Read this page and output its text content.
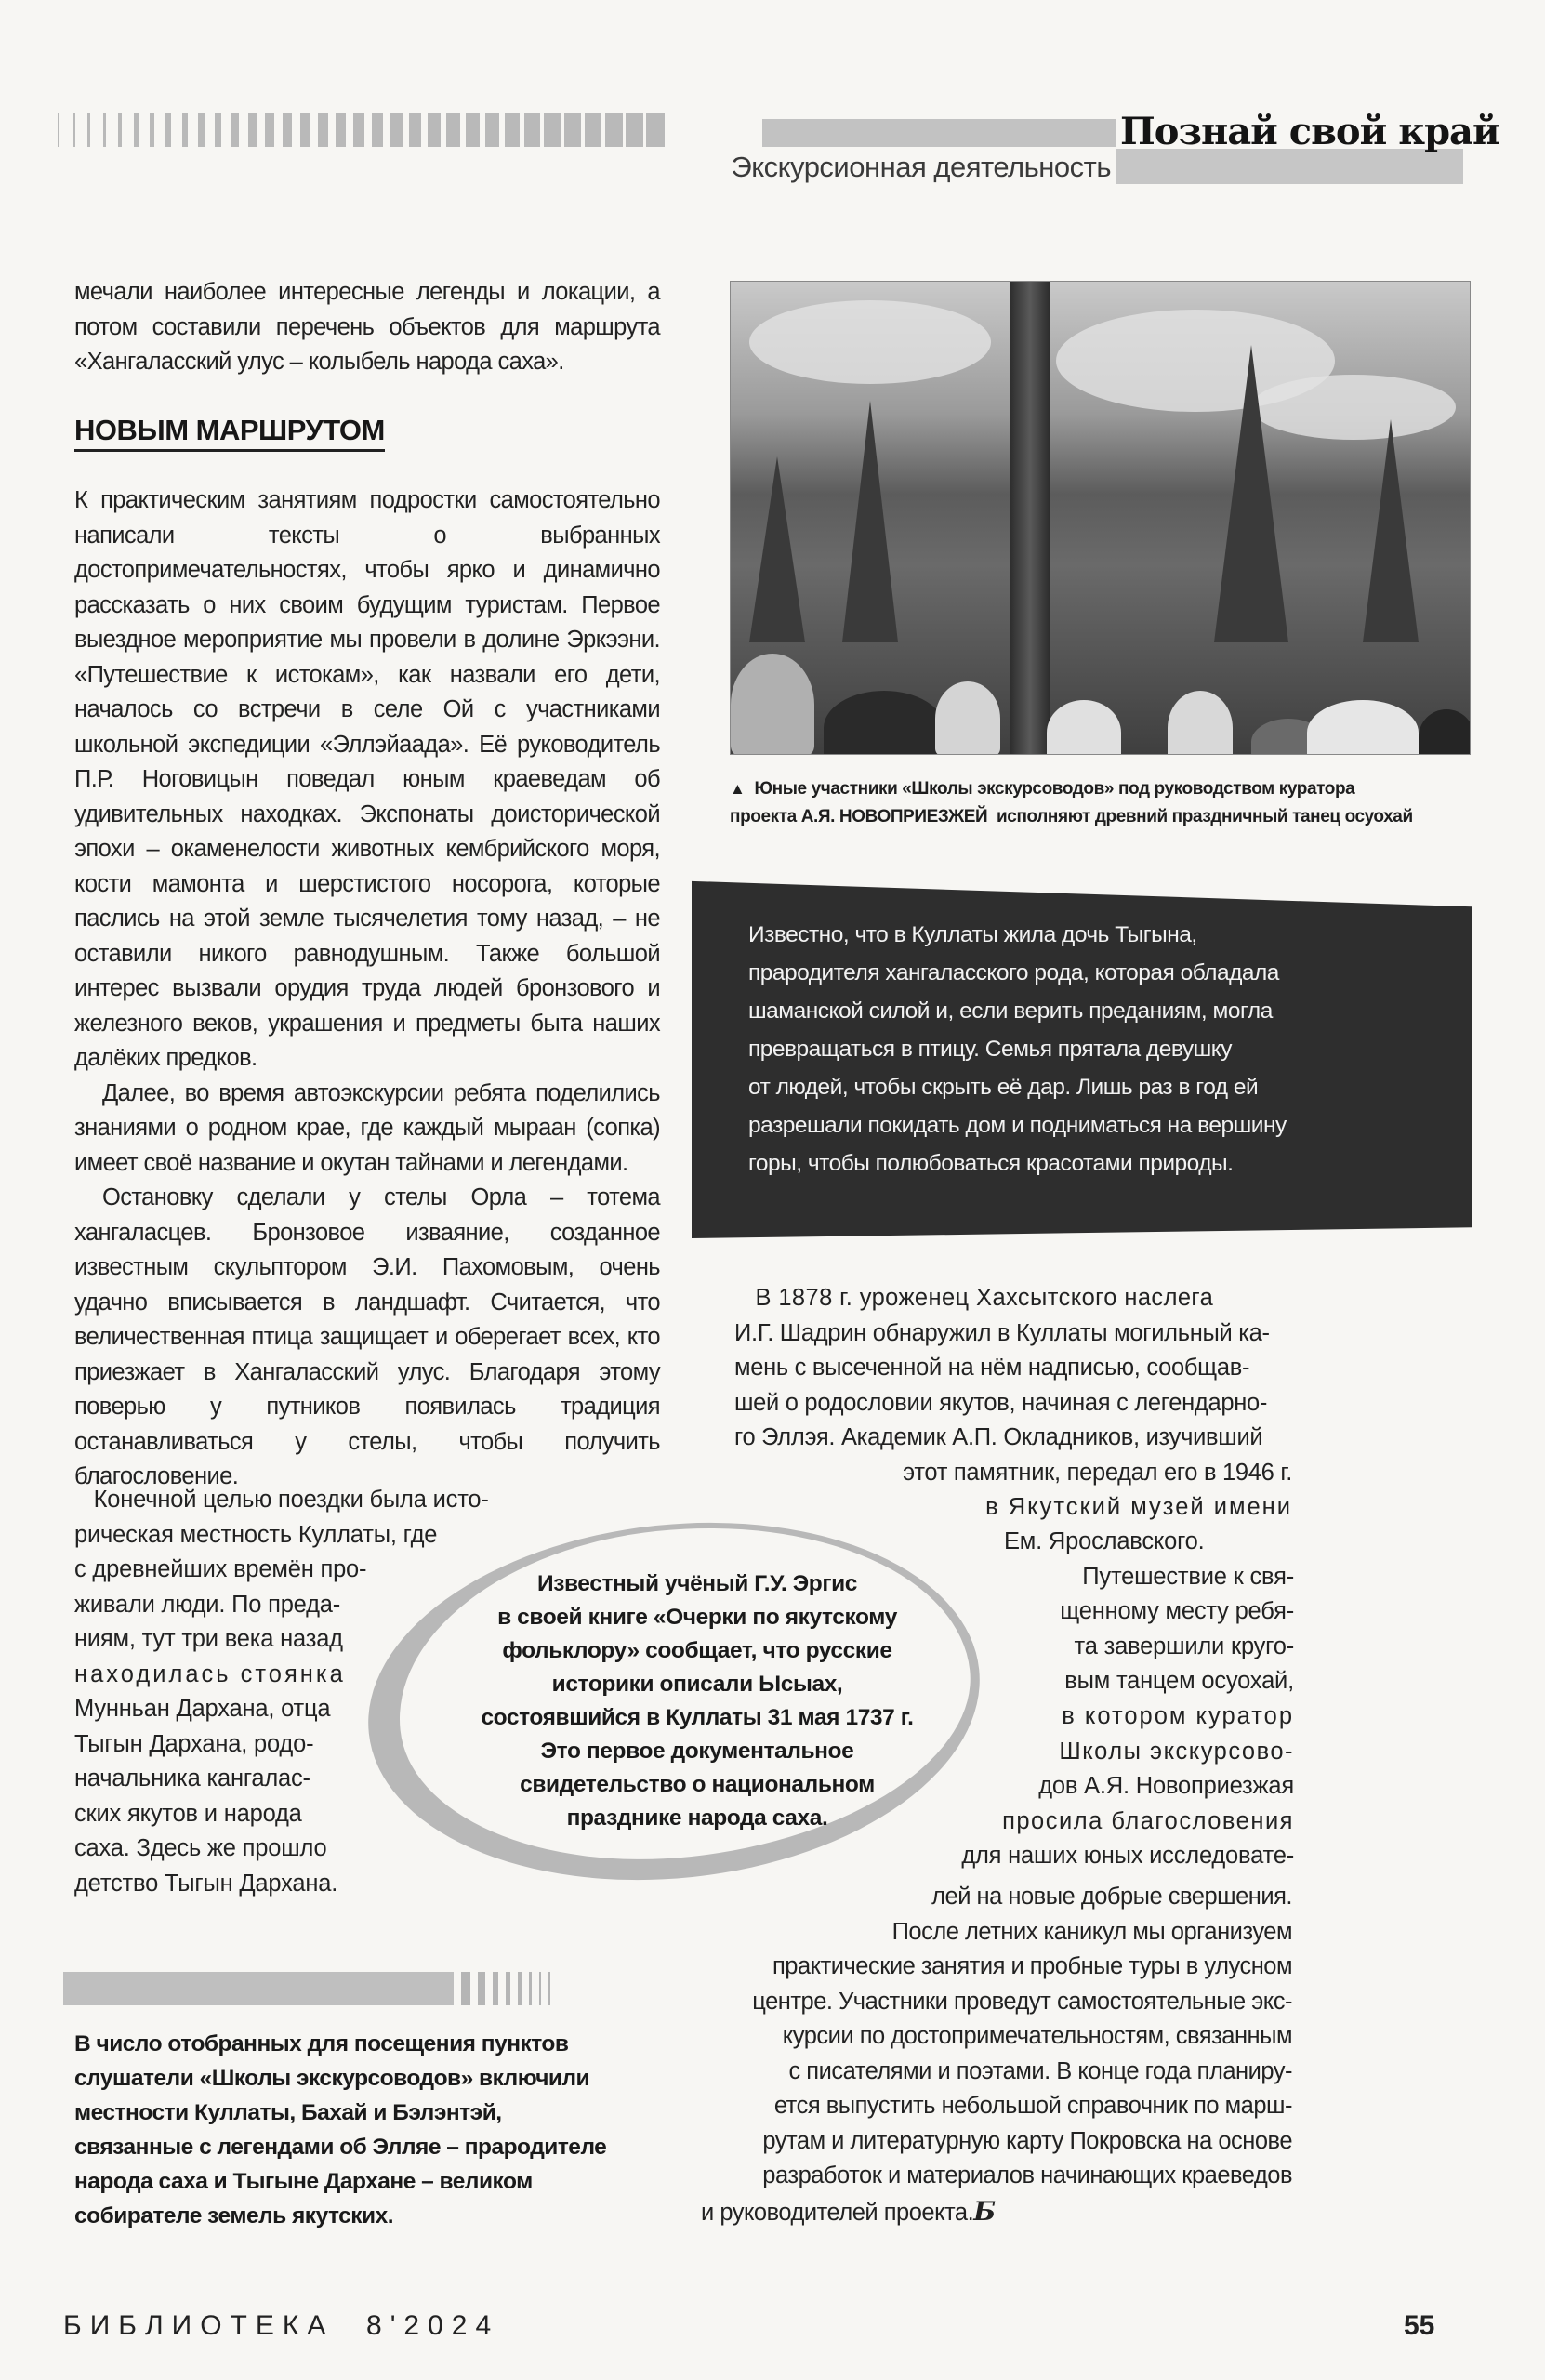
Познай свой край
Экскурсионная деятельность

мечали наиболее интересные легенды и локации, а потом составили перечень объектов для маршрута «Хангаласский улус – колыбель народа саха».

НОВЫМ МАРШРУТОМ

К практическим занятиям подростки самостоятельно написали тексты о выбранных достопримечательностях, чтобы ярко и динамично рассказать о них своим будущим туристам. Первое выездное мероприятие мы провели в долине Эркээни. «Путешествие к истокам», как назвали его дети, началось со встречи в селе Ой с участниками школьной экспедиции «Эллэйаада». Её руководитель П.Р. Ноговицын поведал юным краеведам об удивительных находках. Экспонаты доисторической эпохи – окаменелости животных кембрийского моря, кости мамонта и шерстистого носорога, которые паслись на этой земле тысячелетия тому назад, – не оставили никого равнодушным. Также большой интерес вызвали орудия труда людей бронзового и железного веков, украшения и предметы быта наших далёких предков.

Далее, во время автоэкскурсии ребята поделились знаниями о родном крае, где каждый мыраан (сопка) имеет своё название и окутан тайнами и легендами.

Остановку сделали у стелы Орла – тотема хангаласцев. Бронзовое изваяние, созданное известным скульптором Э.И. Пахомовым, очень удачно вписывается в ландшафт. Считается, что величественная птица защищает и оберегает всех, кто приезжает в Хангаласский улус. Благодаря этому поверью у путников появилась традиция останавливаться у стелы, чтобы получить благословение.

Конечной целью поездки была исто-
рическая местность Куллаты, где
с древнейших времён про-
живали люди. По преда-
ниям, тут три века назад
находилась стоянка
Мунньан Дархана, отца
Тыгын Дархана, родо-
начальника кангалас-
ских якутов и народа
саха. Здесь же прошло
детство Тыгын Дархана.
▲ Юные участники «Школы экскурсоводов» под руководством куратора
проекта А.Я. НОВОПРИЕЗЖЕЙ  исполняют древний праздничный танец осуохай
Известно, что в Куллаты жила дочь Тыгына,
прародителя хангаласского рода, которая обладала
шаманской силой и, если верить преданиям, могла
превращаться в птицу. Семья прятала девушку
от людей, чтобы скрыть её дар. Лишь раз в год ей
разрешали покидать дом и подниматься на вершину
горы, чтобы полюбоваться красотами природы.
В 1878 г. уроженец Хахсытского наслега
И.Г. Шадрин обнаружил в Куллаты могильный ка-
мень с высеченной на нём надписью, сообщав-
шей о родословии якутов, начиная с легендарно-
го Эллэя. Академик А.П. Окладников, изучивший
этот памятник, передал его в 1946 г.
в Якутский музей имени
Известный учёный Г.У. Эргис
в своей книге «Очерки по якутскому
фольклору» сообщает, что русские
историки описали Ысыах,
состоявшийся в Куллаты 31 мая 1737 г.
Это первое документальное
свидетельство о национальном
празднике народа саха.
Ем. Ярославского.
Путешествие к свя-
щенному месту ребя-
та завершили круго-
вым танцем осуохай,
в котором куратор
Школы экскурсово-
дов А.Я. Новоприезжая
просила благословения
для наших юных исследовате-
лей на новые добрые свершения.
После летних каникул мы организуем
практические занятия и пробные туры в улусном
центре. Участники проведут самостоятельные экс-
курсии по достопримечательностям, связанным
с писателями и поэтами. В конце года планиру-
ется выпустить небольшой справочник по марш-
рутам и литературную карту Покровска на основе
разработок и материалов начинающих краеведов
и руководителей проекта.Б
В число отобранных для посещения пунктов
слушатели «Школы экскурсоводов» включили
местности Куллаты, Бахай и Бэлэнтэй,
связанные с легендами об Элляе – прародителе
народа саха и Тыгыне Дархане – великом
собирателе земель якутских.
БИБЛИОТЕКА  8'2024	55
